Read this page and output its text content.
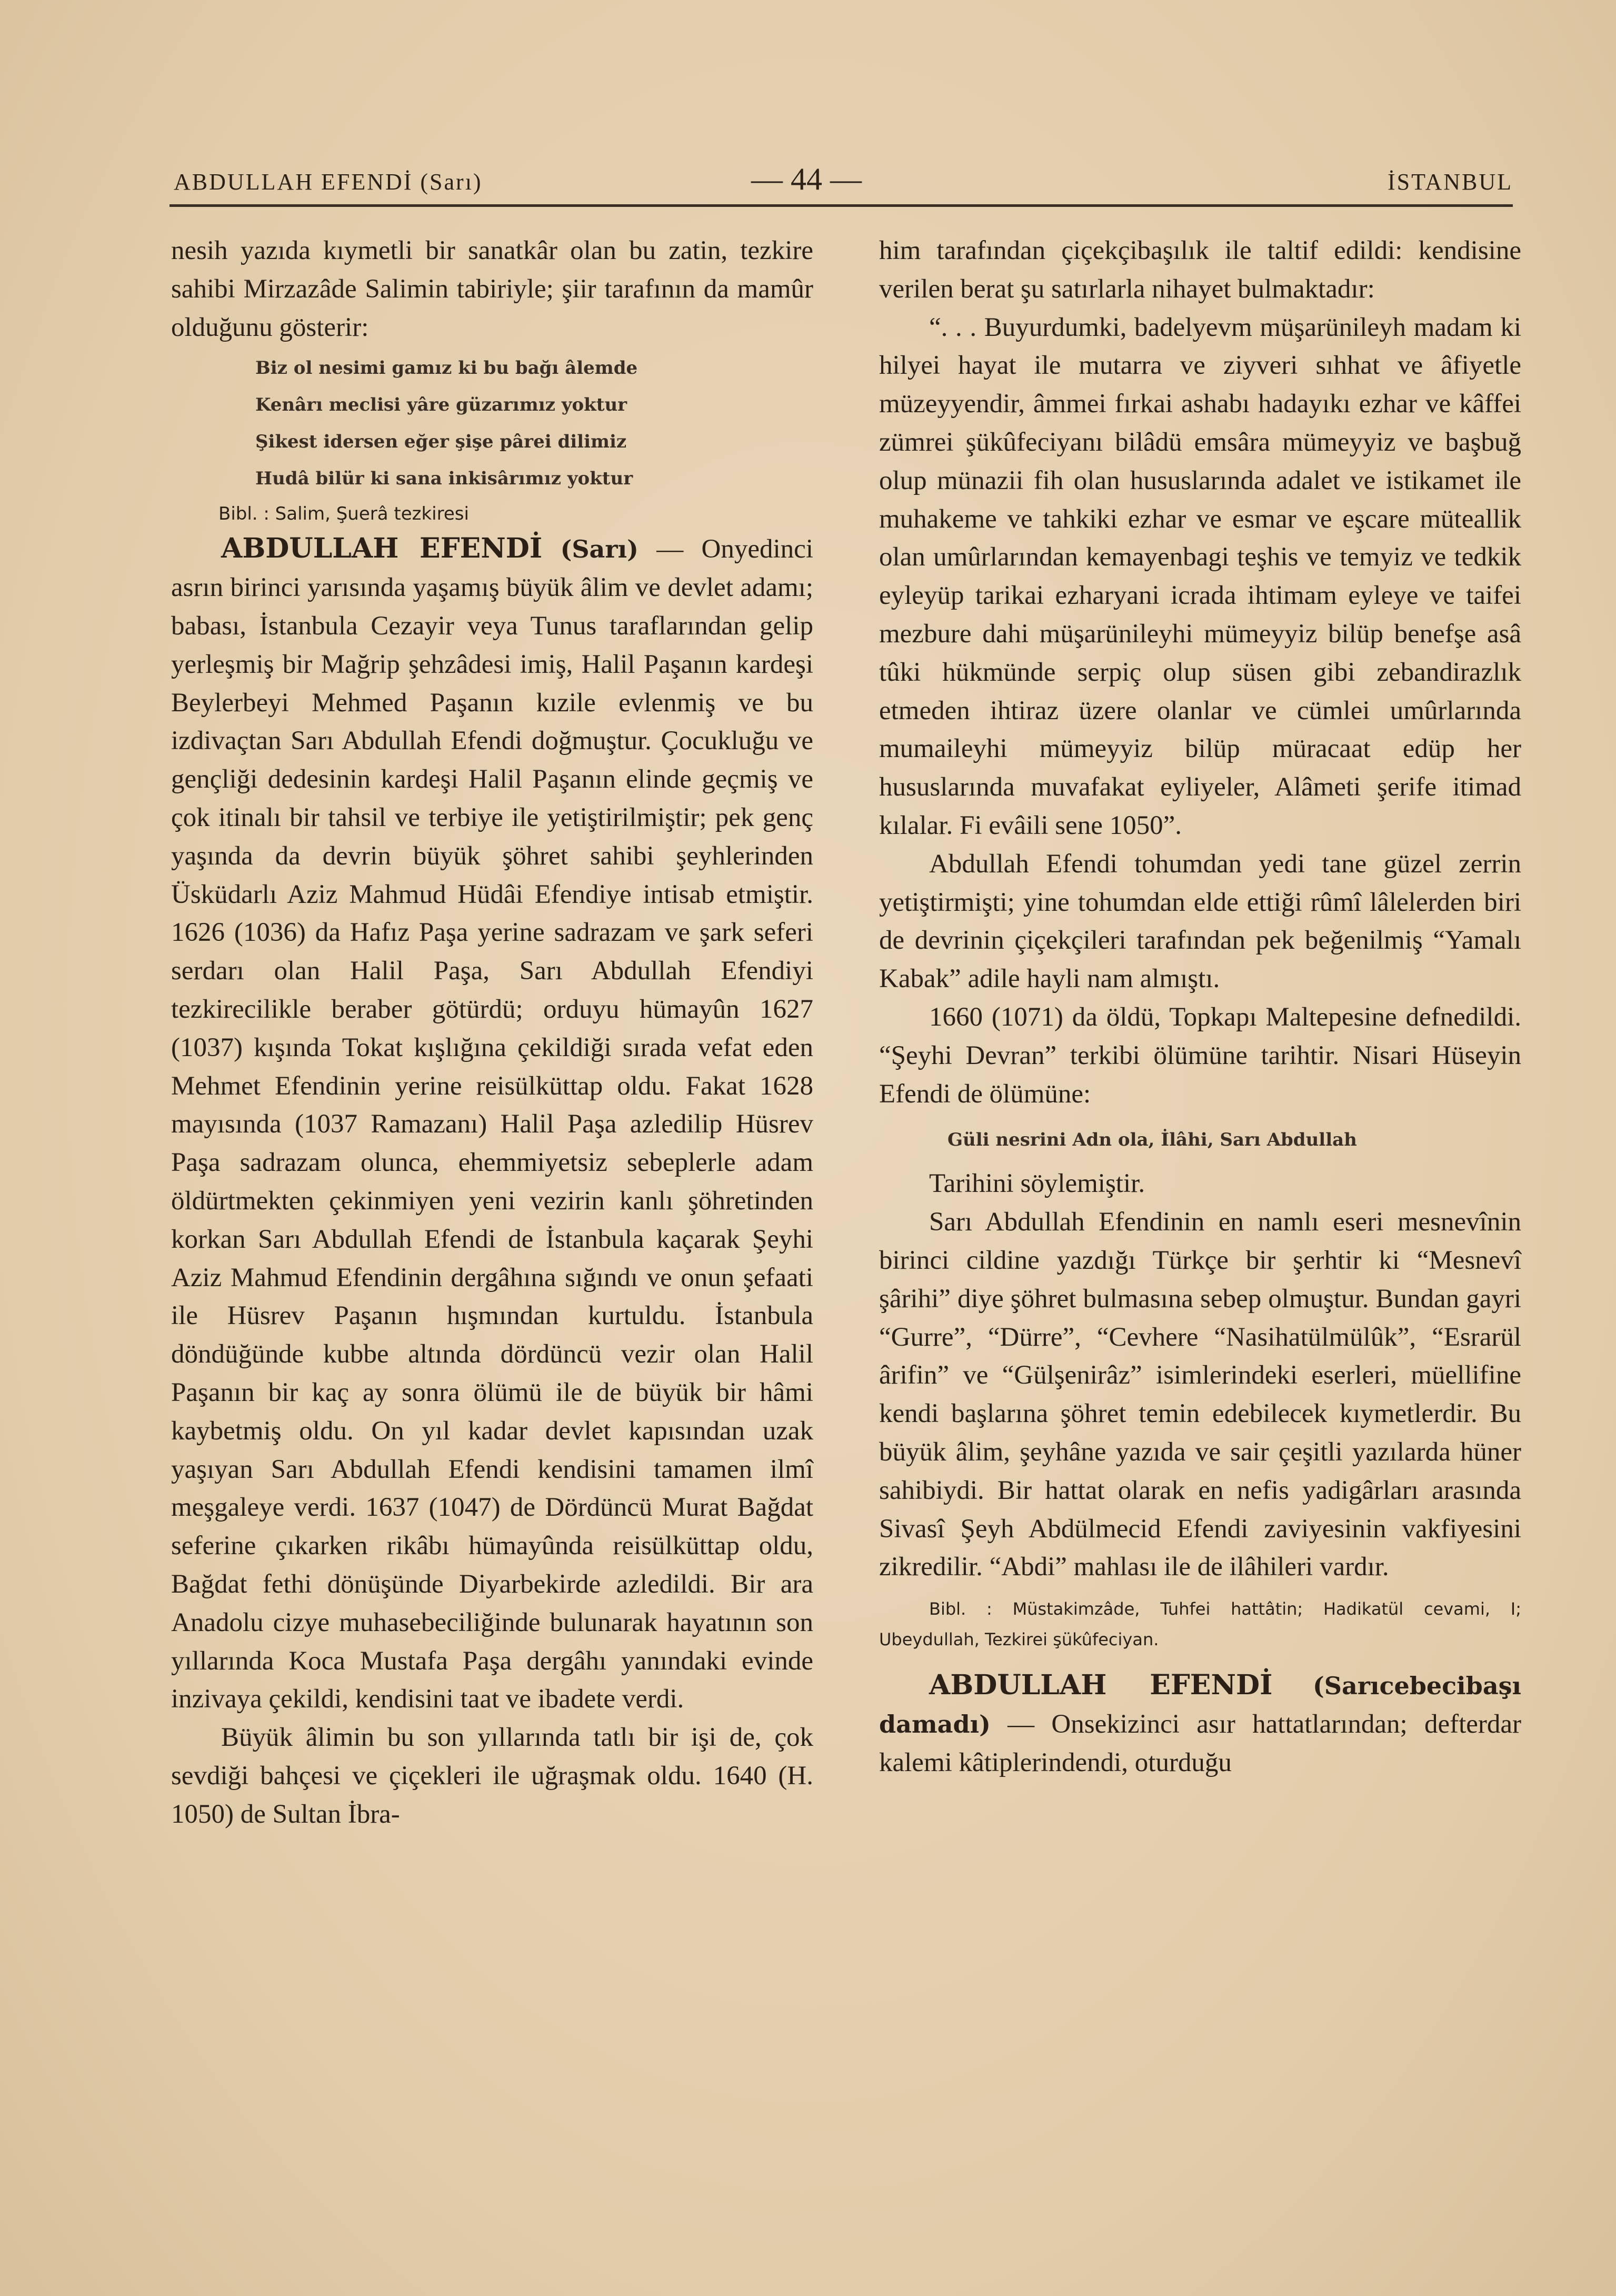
ABDULLAH EFENDİ (Sarı)	— 44 —	İSTANBUL

nesih yazıda kıymetli bir sanatkâr olan bu zatin, tezkire sahibi Mirzazâde Salimin tabiriyle; şiir tarafının da mamûr olduğunu gösterir:

Biz ol nesimi gamız ki bu bağı âlemde
Kenârı meclisi yâre güzarımız yoktur
Şikest idersen eğer şişe pârei dilimiz
Hudâ bilür ki sana inkisârımız yoktur
Bibl. : Salim, Şuerâ tezkiresi

ABDULLAH EFENDİ (Sarı) — Onyedinci asrın birinci yarısında yaşamış büyük âlim ve devlet adamı; babası, İstanbula Cezayir veya Tunus taraflarından gelip yerleşmiş bir Mağrip şehzâdesi imiş, Halil Paşanın kardeşi Beylerbeyi Mehmed Paşanın kızile evlenmiş ve bu izdivaçtan Sarı Abdullah Efendi doğmuştur. Çocukluğu ve gençliği dedesinin kardeşi Halil Paşanın elinde geçmiş ve çok itinalı bir tahsil ve terbiye ile yetiştirilmiştir; pek genç yaşında da devrin büyük şöhret sahibi şeyhlerinden Üsküdarlı Aziz Mahmud Hüdâi Efendiye intisab etmiştir. 1626 (1036) da Hafız Paşa yerine sadrazam ve şark seferi serdarı olan Halil Paşa, Sarı Abdullah Efendiyi tezkirecilikle beraber götürdü; orduyu hümayûn 1627 (1037) kışında Tokat kışlığına çekildiği sırada vefat eden Mehmet Efendinin yerine reisülküttap oldu. Fakat 1628 mayısında (1037 Ramazanı) Halil Paşa azledilip Hüsrev Paşa sadrazam olunca, ehemmiyetsiz sebeplerle adam öldürtmekten çekinmiyen yeni vezirin kanlı şöhretinden korkan Sarı Abdullah Efendi de İstanbula kaçarak Şeyhi Aziz Mahmud Efendinin dergâhına sığındı ve onun şefaati ile Hüsrev Paşanın hışmından kurtuldu. İstanbula döndüğünde kubbe altında dördüncü vezir olan Halil Paşanın bir kaç ay sonra ölümü ile de büyük bir hâmi kaybetmiş oldu. On yıl kadar devlet kapısından uzak yaşıyan Sarı Abdullah Efendi kendisini tamamen ilmî meşgaleye verdi. 1637 (1047) de Dördüncü Murat Bağdat seferine çıkarken rikâbı hümayûnda reisülküttap oldu, Bağdat fethi dönüşünde Diyarbekirde azledildi. Bir ara Anadolu cizye muhasebeciliğinde bulunarak hayatının son yıllarında Koca Mustafa Paşa dergâhı yanındaki evinde inzivaya çekildi, kendisini taat ve ibadete verdi.

Büyük âlimin bu son yıllarında tatlı bir işi de, çok sevdiği bahçesi ve çiçekleri ile uğraşmak oldu. 1640 (H. 1050) de Sultan İbra-

him tarafından çiçekçibaşılık ile taltif edildi: kendisine verilen berat şu satırlarla nihayet bulmaktadır:

“. . . Buyurdumki, badelyevm müşarünileyh madam ki hilyei hayat ile mutarra ve ziyveri sıhhat ve âfiyetle müzeyyendir, âmmei fırkai ashabı hadayıkı ezhar ve kâffei zümrei şükûfeciyanı bilâdü emsâra mümeyyiz ve başbuğ olup münazii fih olan hususlarında adalet ve istikamet ile muhakeme ve tahkiki ezhar ve esmar ve eşcare müteallik olan umûrlarından kemayenbagi teşhis ve temyiz ve tedkik eyleyüp tarikai ezharyani icrada ihtimam eyleye ve taifei mezbure dahi müşarünileyhi mümeyyiz bilüp benefşe asâ tûki hükmünde serpiç olup süsen gibi zebandirazlık etmeden ihtiraz üzere olanlar ve cümlei umûrlarında mumaileyhi mümeyyiz bilüp müracaat edüp her hususlarında muvafakat eyliyeler, Alâmeti şerife itimad kılalar. Fi evâili sene 1050”.

Abdullah Efendi tohumdan yedi tane güzel zerrin yetiştirmişti; yine tohumdan elde ettiği rûmî lâlelerden biri de devrinin çiçekçileri tarafından pek beğenilmiş “Yamalı Kabak” adile hayli nam almıştı.

1660 (1071) da öldü, Topkapı Maltepesine defnedildi. “Şeyhi Devran” terkibi ölümüne tarihtir. Nisari Hüseyin Efendi de ölümüne:

Güli nesrini Adn ola, İlâhi, Sarı Abdullah

Tarihini söylemiştir.

Sarı Abdullah Efendinin en namlı eseri mesnevînin birinci cildine yazdığı Türkçe bir şerhtir ki “Mesnevî şârihi” diye şöhret bulmasına sebep olmuştur. Bundan gayri “Gurre”, “Dürre”, “Cevhere “Nasihatülmülûk”, “Esrarül ârifin” ve “Gülşenirâz” isimlerindeki eserleri, müellifine kendi başlarına şöhret temin edebilecek kıymetlerdir. Bu büyük âlim, şeyhâne yazıda ve sair çeşitli yazılarda hüner sahibiydi. Bir hattat olarak en nefis yadigârları arasında Sivasî Şeyh Abdülmecid Efendi zaviyesinin vakfiyesini zikredilir. “Abdi” mahlası ile de ilâhileri vardır.

Bibl. : Müstakimzâde, Tuhfei hattâtin; Hadikatül cevami, I; Ubeydullah, Tezkirei şükûfeciyan.

ABDULLAH EFENDİ (Sarıcebecibaşı damadı) — Onsekizinci asır hattatlarından; defterdar kalemi kâtiplerindendi, oturduğu
